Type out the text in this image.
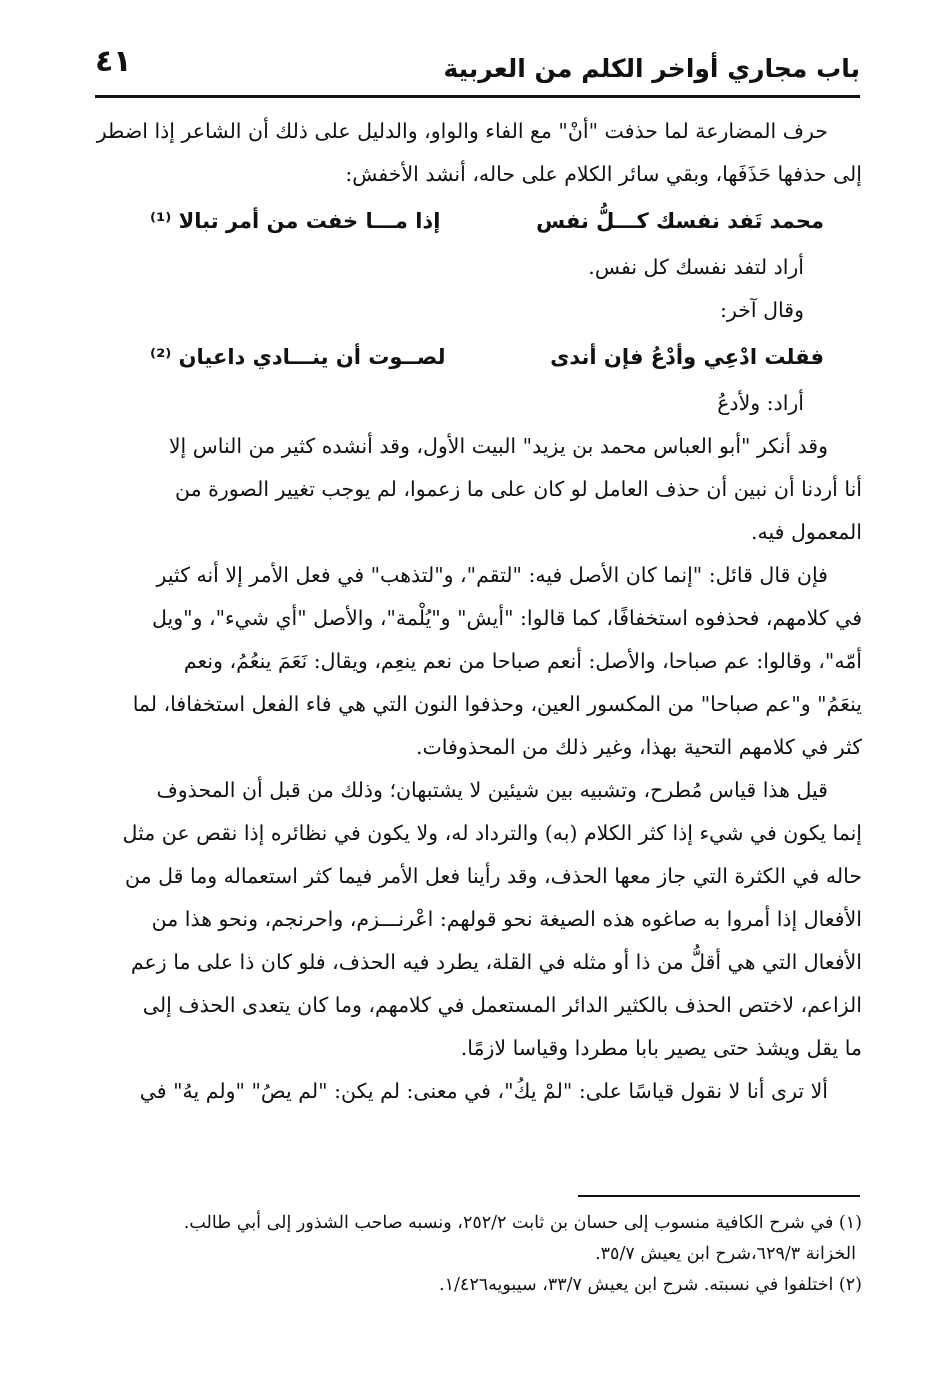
باب مجاري أواخر الكلم من العربية
٤١

حرف المضارعة لما حذفت "أنْ" مع الفاء والواو، والدليل على ذلك أن الشاعر إذا اضطر

إلى حذفها حَذَفَها، وبقي سائر الكلام على حاله، أنشد الأخفش:

محمد تَفد نفسك كـــلُّ نفس
إذا مـــا خفت من أمر تبالا ⁽¹⁾

أراد لتفد نفسك كل نفس.

وقال آخر:

فقلت ادْعِي وأدْعُ فإن أندى
لصــوت أن ينـــادي داعيان ⁽²⁾

أراد: ولأدعُ

وقد أنكر "أبو العباس محمد بن يزيد" البيت الأول، وقد أنشده كثير من الناس إلا

أنا أردنا أن نبين أن حذف العامل لو كان على ما زعموا، لم يوجب تغيير الصورة من

المعمول فيه.

فإن قال قائل: "إنما كان الأصل فيه: "لتقم"، و"لتذهب" في فعل الأمر إلا أنه كثير

في كلامهم، فحذفوه استخفافًا، كما قالوا: "أيش" و"يُلْمة"، والأصل "أي شيء"، و"ويل

أمّه"، وقالوا: عم صباحا، والأصل: أنعم صباحا من نعم ينعِم، ويقال: نَعَمَ ينعُمُ، ونعم

ينعَمُ" و"عم صباحا" من المكسور العين، وحذفوا النون التي هي فاء الفعل استخفافا، لما

كثر في كلامهم التحية بهذا، وغير ذلك من المحذوفات.

قيل هذا قياس مُطرح، وتشبيه بين شيئين لا يشتبهان؛ وذلك من قبل أن المحذوف

إنما يكون في شيء إذا كثر الكلام (به) والترداد له، ولا يكون في نظائره إذا نقص عن مثل

حاله في الكثرة التي جاز معها الحذف، وقد رأينا فعل الأمر فيما كثر استعماله وما قل من

الأفعال إذا أمروا به صاغوه هذه الصيغة نحو قولهم: اعْرنـــزم، واحرنجم، ونحو هذا من

الأفعال التي هي أقلُّ من ذا أو مثله في القلة، يطرد فيه الحذف، فلو كان ذا على ما زعم

الزاعم، لاختص الحذف بالكثير الدائر المستعمل في كلامهم، وما كان يتعدى الحذف إلى

ما يقل ويشذ حتى يصير بابا مطردا وقياسا لازمًا.

ألا ترى أنا لا نقول قياسًا على: "لمْ يكُ"، في معنى: لم يكن: "لم يصُ" "ولم يهُ" في

(١) في شرح الكافية منسوب إلى حسان بن ثابت ٢٥٢/٢، ونسبه صاحب الشذور إلى أبي طالب.

الخزانة ٦٢٩/٣،شرح ابن يعيش ٣٥/٧.

(٢) اختلفوا في نسبته. شرح ابن يعيش ٣٣/٧، سيبويه١/٤٢٦.
